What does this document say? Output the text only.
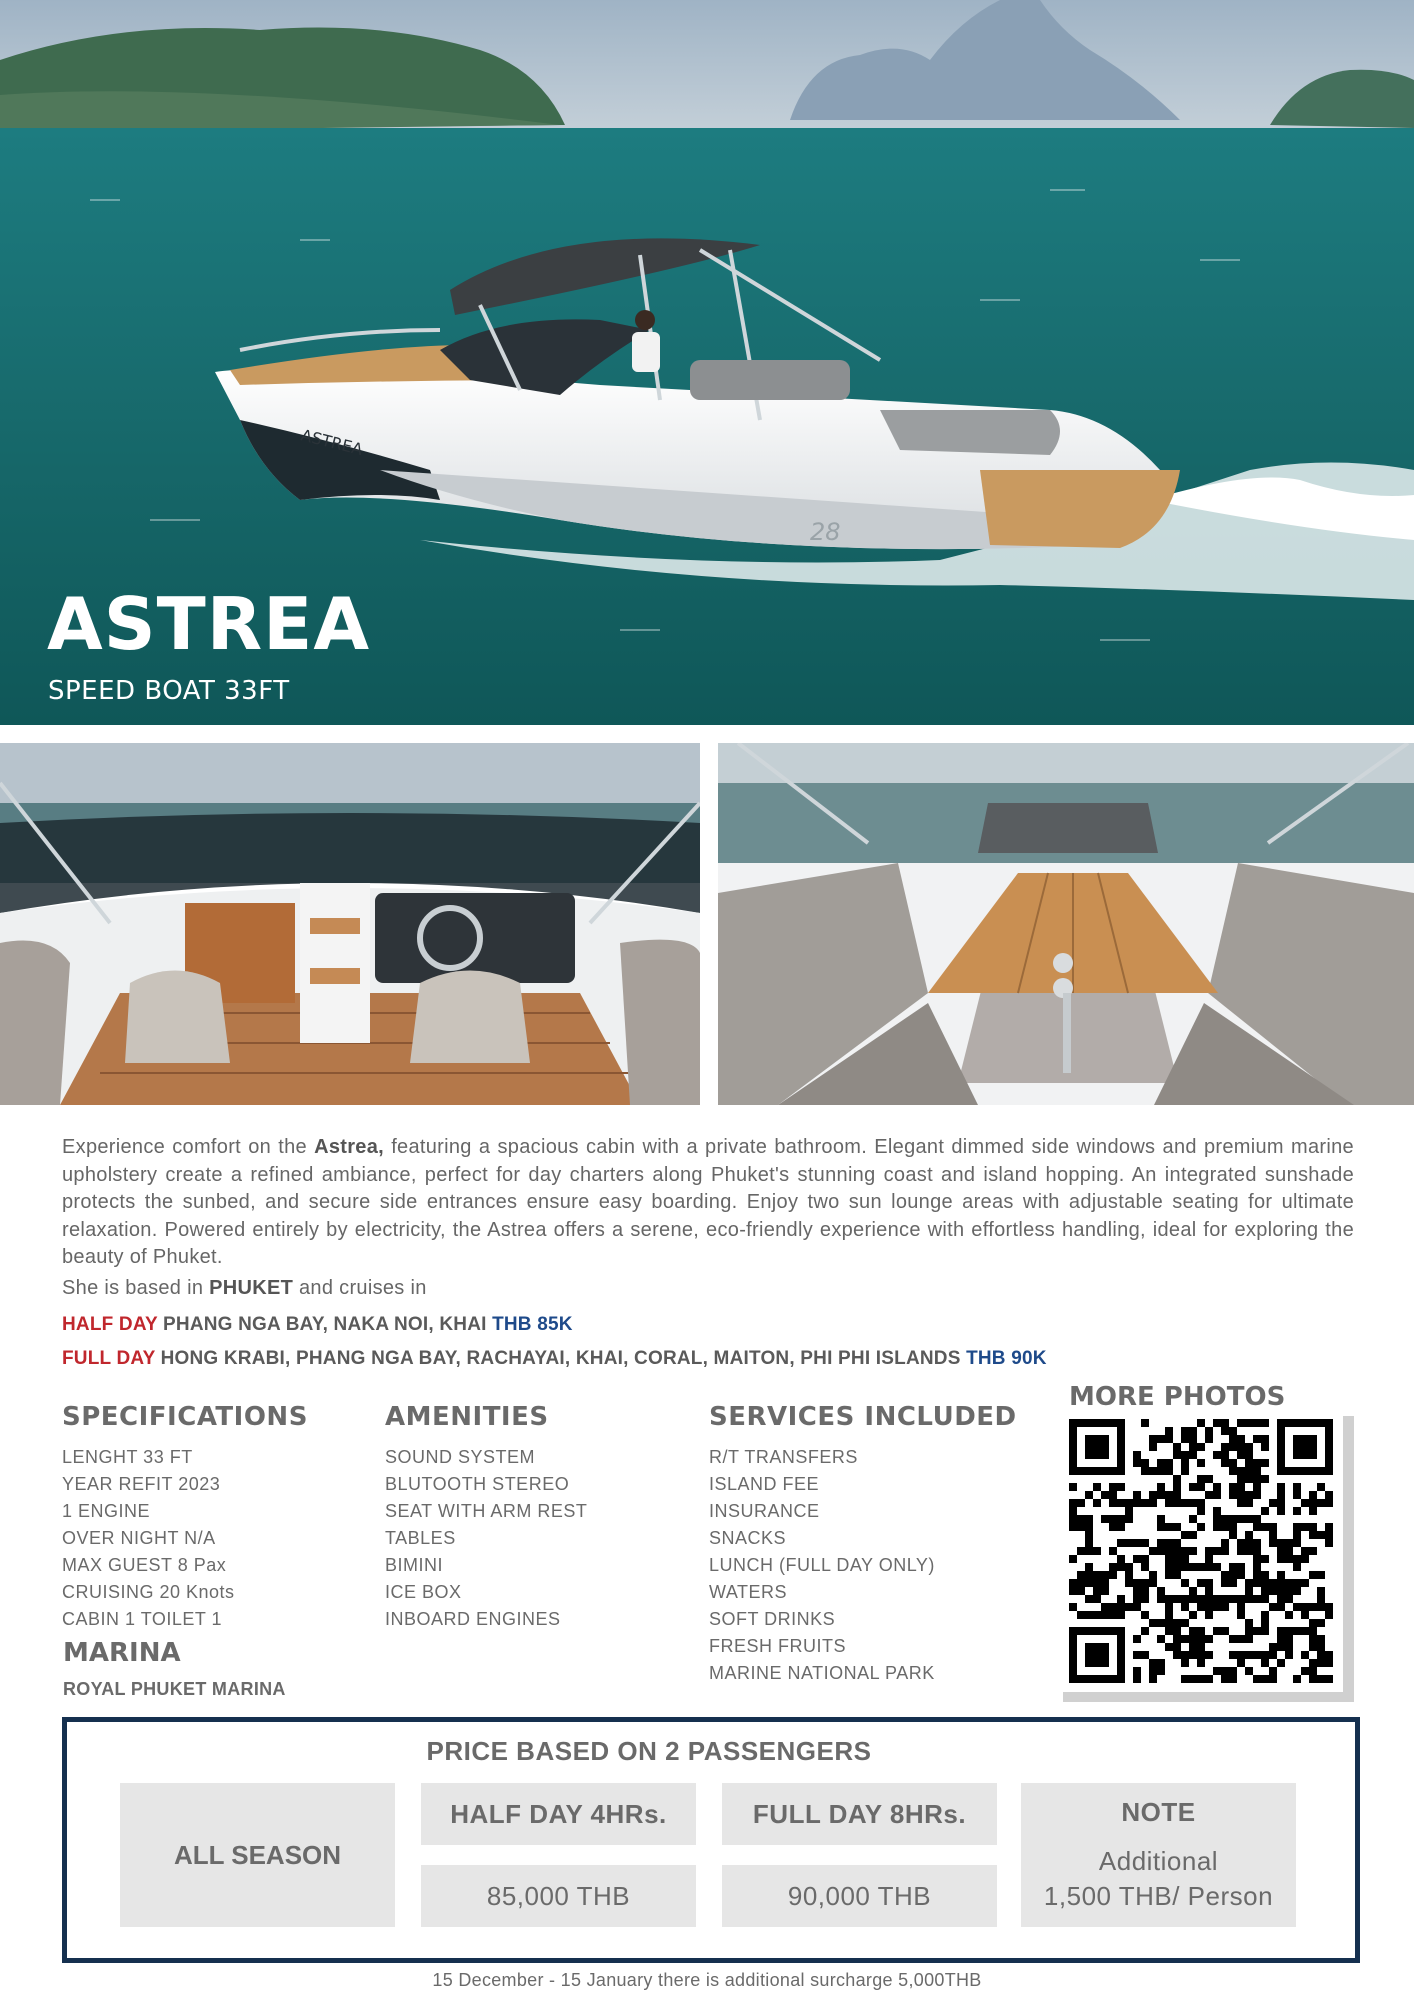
ASTREA
28
ASTREA
SPEED BOAT 33FT

Experience comfort on the Astrea, featuring a spacious cabin with a private bathroom. Elegant dimmed side windows and premium marine upholstery create a refined ambiance, perfect for day charters along Phuket's stunning coast and island hopping. An integrated sunshade protects the sunbed, and secure side entrances ensure easy boarding. Enjoy two sun lounge areas with adjustable seating for ultimate relaxation. Powered entirely by electricity, the Astrea offers a serene, eco-friendly experience with effortless handling, ideal for exploring the beauty of Phuket.

She is based in PHUKET and cruises in
HALF DAY PHANG NGA BAY, NAKA NOI, KHAI THB 85K
FULL DAY HONG KRABI, PHANG NGA BAY, RACHAYAI, KHAI, CORAL, MAITON, PHI PHI ISLANDS THB 90K
SPECIFICATIONS
LENGHT 33 FT
YEAR REFIT 2023
1 ENGINE
OVER NIGHT N/A
MAX GUEST 8 Pax
CRUISING 20 Knots
CABIN 1 TOILET 1
AMENITIES
SOUND SYSTEM
BLUTOOTH STEREO
SEAT WITH ARM REST
TABLES
BIMINI
ICE BOX
INBOARD ENGINES
SERVICES INCLUDED
R/T TRANSFERS
ISLAND FEE
INSURANCE
SNACKS
LUNCH (FULL DAY ONLY)
WATERS
SOFT DRINKS
FRESH FRUITS
MARINE NATIONAL PARK
MARINA
ROYAL PHUKET MARINA
MORE PHOTOS
PRICE BASED ON 2 PASSENGERS
ALL SEASON
HALF DAY 4HRs.	FULL DAY 8HRs.
85,000 THB	90,000 THB
NOTE
Additional
1,500 THB/ Person
15 December - 15 January there is additional surcharge 5,000THB
